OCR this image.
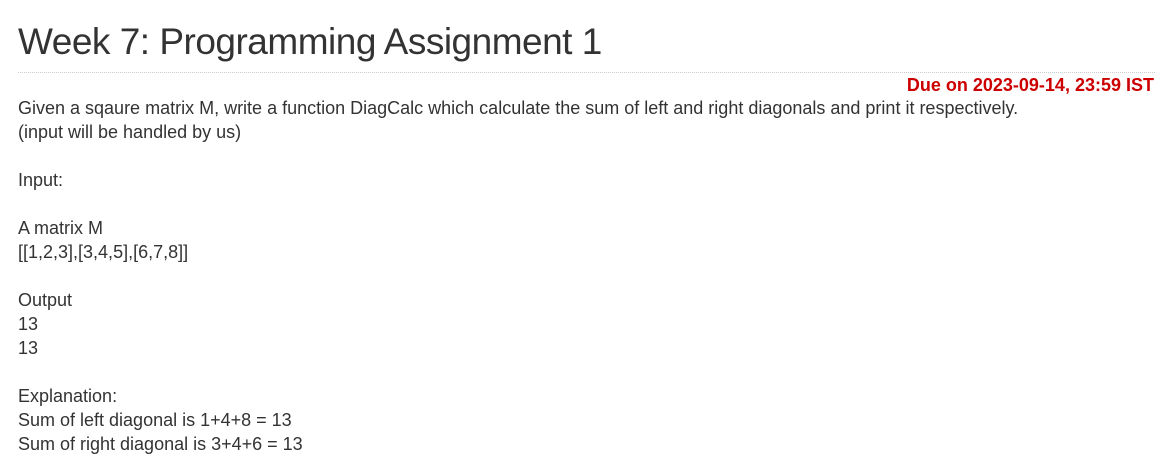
Week 7: Programming Assignment 1
Due on 2023-09-14, 23:59 IST
Given a sqaure matrix M, write a function DiagCalc which calculate the sum of left and right diagonals and print it respectively.
(input will be handled by us)
Input:
A matrix M
[[1,2,3],[3,4,5],[6,7,8]]
Output
13
13
Explanation:
Sum of left diagonal is 1+4+8 = 13
Sum of right diagonal is 3+4+6 = 13
